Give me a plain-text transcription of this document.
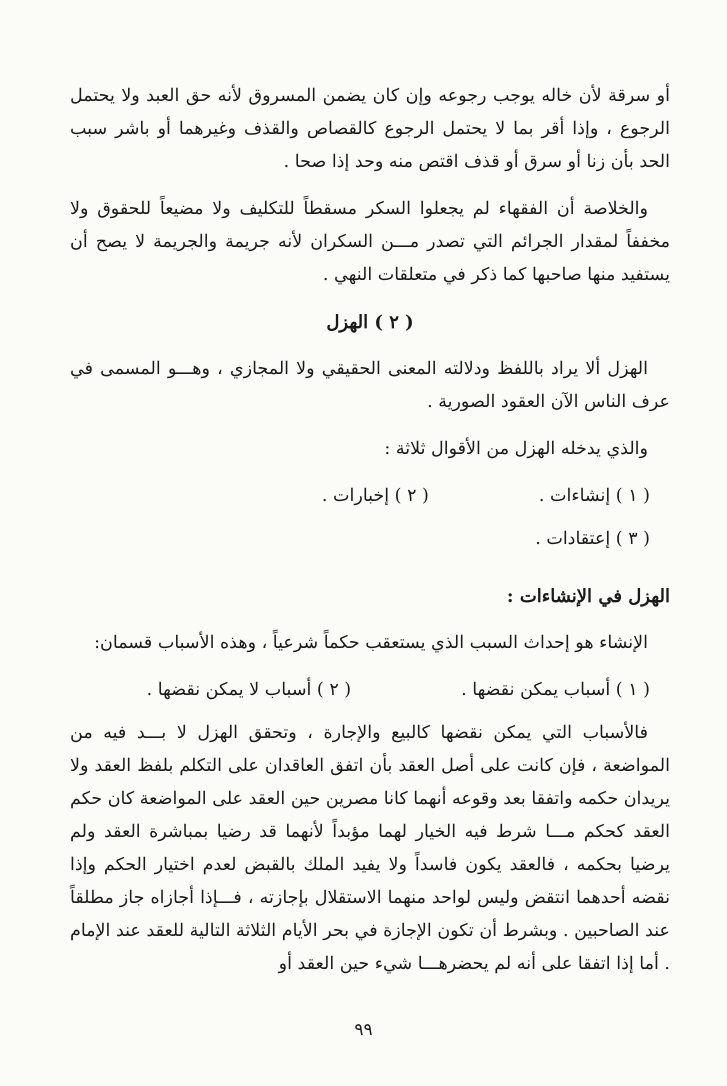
أو سرقة لأن خاله يوجب رجوعه وإن كان يضمن المسروق لأنه حق العبد ولا يحتمل الرجوع ، وإذا أقر بما لا يحتمل الرجوع كالقصاص والقذف وغيرهما أو باشر سبب الحد بأن زنا أو سرق أو قذف اقتص منه وحد إذا صحا .

والخلاصة أن الفقهاء لم يجعلوا السكر مسقطاً للتكليف ولا مضيعاً للحقوق ولا مخففاً لمقدار الجرائم التي تصدر مـــن السكران لأنه جريمة والجريمة لا يصح أن يستفيد منها صاحبها كما ذكر في متعلقات النهي .

( ٢ ) الهزل

الهزل ألا يراد باللفظ ودلالته المعنى الحقيقي ولا المجازي ، وهـــو المسمى في عرف الناس الآن العقود الصورية .

والذي يدخله الهزل من الأقوال ثلاثة :

( ١ ) إنشاءات .
( ٢ ) إخبارات .
( ٣ ) إعتقادات .
الهزل في الإنشاءات :

الإنشاء هو إحداث السبب الذي يستعقب حكماً شرعياً ، وهذه الأسباب قسمان:

( ١ ) أسباب يمكن نقضها .
( ٢ ) أسباب لا يمكن نقضها .

فالأسباب التي يمكن نقضها كالبيع والإجارة ، وتحقق الهزل لا بـــد فيه من المواضعة ، فإن كانت على أصل العقد بأن اتفق العاقدان على التكلم بلفظ العقد ولا يريدان حكمه واتفقا بعد وقوعه أنهما كانا مصرين حين العقد على المواضعة كان حكم العقد كحكم مـــا شرط فيه الخيار لهما مؤبداً لأنهما قد رضيا بمباشرة العقد ولم يرضيا بحكمه ، فالعقد يكون فاسداً ولا يفيد الملك بالقبض لعدم اختيار الحكم وإذا نقضه أحدهما انتقض وليس لواحد منهما الاستقلال بإجازته ، فـــإذا أجازاه جاز مطلقاً عند الصاحبين . وبشرط أن تكون الإجازة في بحر الأيام الثلاثة التالية للعقد عند الإمام . أما إذا اتفقا على أنه لم يحضرهـــا شيء حين العقد أو

٩٩
